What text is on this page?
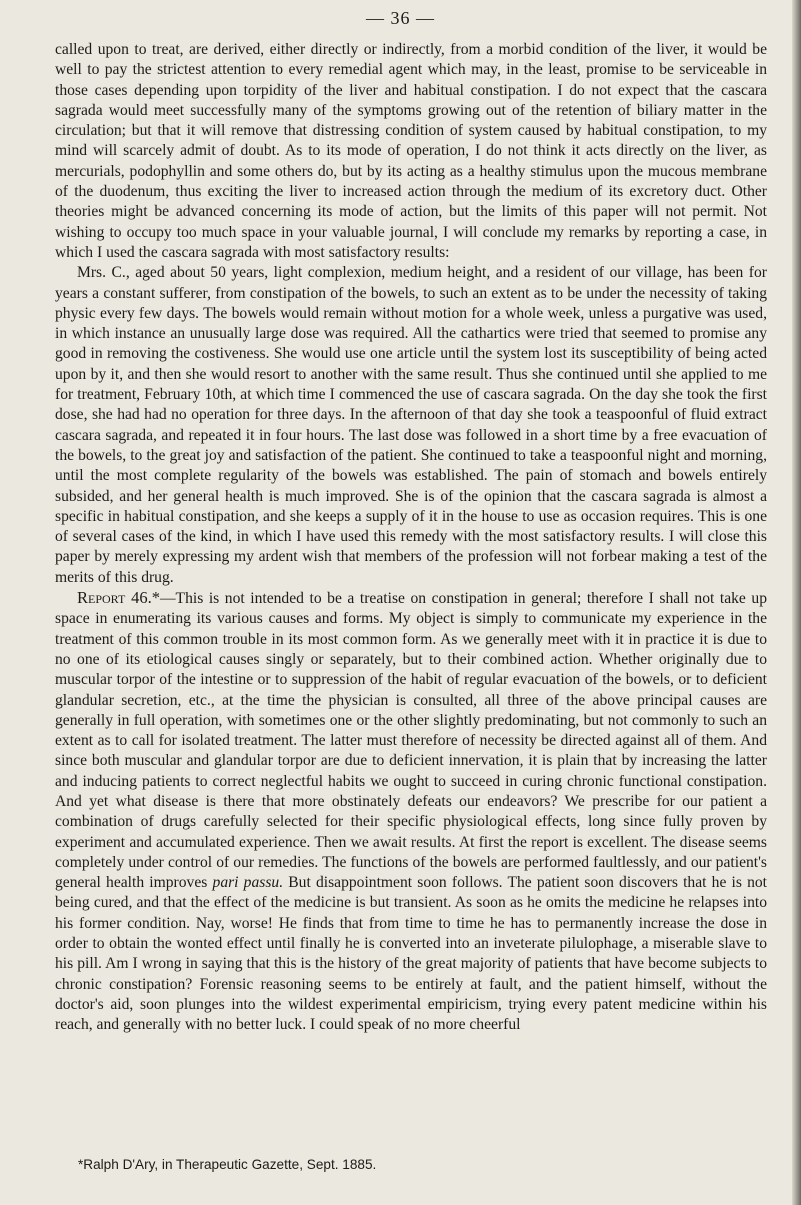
— 36 —

called upon to treat, are derived, either directly or indirectly, from a morbid condition of the liver, it would be well to pay the strictest attention to every remedial agent which may, in the least, promise to be serviceable in those cases depending upon torpidity of the liver and habitual constipation. I do not expect that the cascara sagrada would meet successfully many of the symptoms growing out of the retention of biliary matter in the circulation; but that it will remove that distressing condition of system caused by habitual constipation, to my mind will scarcely admit of doubt. As to its mode of operation, I do not think it acts directly on the liver, as mercurials, podophyllin and some others do, but by its acting as a healthy stimulus upon the mucous membrane of the duodenum, thus exciting the liver to increased action through the medium of its excretory duct. Other theories might be advanced concerning its mode of action, but the limits of this paper will not permit. Not wishing to occupy too much space in your valuable journal, I will conclude my remarks by reporting a case, in which I used the cascara sagrada with most satisfactory results:

Mrs. C., aged about 50 years, light complexion, medium height, and a resident of our village, has been for years a constant sufferer, from constipation of the bowels, to such an extent as to be under the necessity of taking physic every few days. The bowels would remain without motion for a whole week, unless a purgative was used, in which instance an unusually large dose was required. All the cathartics were tried that seemed to promise any good in removing the costiveness. She would use one article until the system lost its susceptibility of being acted upon by it, and then she would resort to another with the same result. Thus she continued until she applied to me for treatment, February 10th, at which time I commenced the use of cascara sagrada. On the day she took the first dose, she had had no operation for three days. In the afternoon of that day she took a teaspoonful of fluid extract cascara sagrada, and repeated it in four hours. The last dose was followed in a short time by a free evacuation of the bowels, to the great joy and satisfaction of the patient. She continued to take a teaspoonful night and morning, until the most complete regularity of the bowels was established. The pain of stomach and bowels entirely subsided, and her general health is much improved. She is of the opinion that the cascara sagrada is almost a specific in habitual constipation, and she keeps a supply of it in the house to use as occasion requires. This is one of several cases of the kind, in which I have used this remedy with the most satisfactory results. I will close this paper by merely expressing my ardent wish that members of the profession will not forbear making a test of the merits of this drug.

Report 46.*—This is not intended to be a treatise on constipation in general; therefore I shall not take up space in enumerating its various causes and forms. My object is simply to communicate my experience in the treatment of this common trouble in its most common form. As we generally meet with it in practice it is due to no one of its etiological causes singly or separately, but to their combined action. Whether originally due to muscular torpor of the intestine or to suppression of the habit of regular evacuation of the bowels, or to deficient glandular secretion, etc., at the time the physician is consulted, all three of the above principal causes are generally in full operation, with sometimes one or the other slightly predominating, but not commonly to such an extent as to call for isolated treatment. The latter must therefore of necessity be directed against all of them. And since both muscular and glandular torpor are due to deficient innervation, it is plain that by increasing the latter and inducing patients to correct neglectful habits we ought to succeed in curing chronic functional constipation. And yet what disease is there that more obstinately defeats our endeavors? We prescribe for our patient a combination of drugs carefully selected for their specific physiological effects, long since fully proven by experiment and accumulated experience. Then we await results. At first the report is excellent. The disease seems completely under control of our remedies. The functions of the bowels are performed faultlessly, and our patient's general health improves pari passu. But disappointment soon follows. The patient soon discovers that he is not being cured, and that the effect of the medicine is but transient. As soon as he omits the medicine he relapses into his former condition. Nay, worse! He finds that from time to time he has to permanently increase the dose in order to obtain the wonted effect until finally he is converted into an inveterate pilulophage, a miserable slave to his pill. Am I wrong in saying that this is the history of the great majority of patients that have become subjects to chronic constipation? Forensic reasoning seems to be entirely at fault, and the patient himself, without the doctor's aid, soon plunges into the wildest experimental empiricism, trying every patent medicine within his reach, and generally with no better luck. I could speak of no more cheerful

*Ralph D'Ary, in Therapeutic Gazette, Sept. 1885.
